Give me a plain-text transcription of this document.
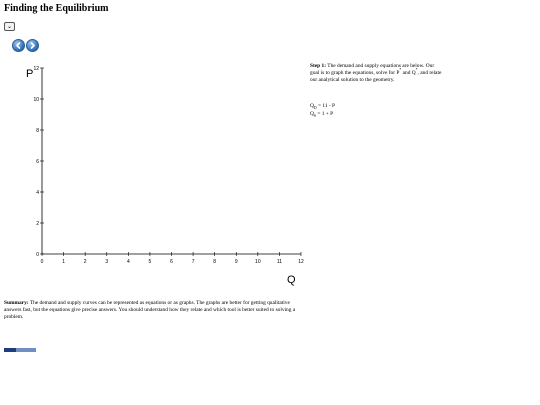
Finding the Equilibrium
⌄
0	1	2	3	4	5	6	7	8	9	10	11	12
0
2
4
6
8
10
12
P
Q
Step 1: The demand and supply equations are below. Our goal is to graph the equations, solve for P* and Q*, and relate our analytical solution to the geometry.
$Q_D = 11 - P$
$Q_S = 1 + P$
Summary: The demand and supply curves can be represented as equations or as graphs. The graphs are better for getting qualitative answers fast, but the equations give precise answers. You should understand how they relate and which tool is better suited to solving a problem.
